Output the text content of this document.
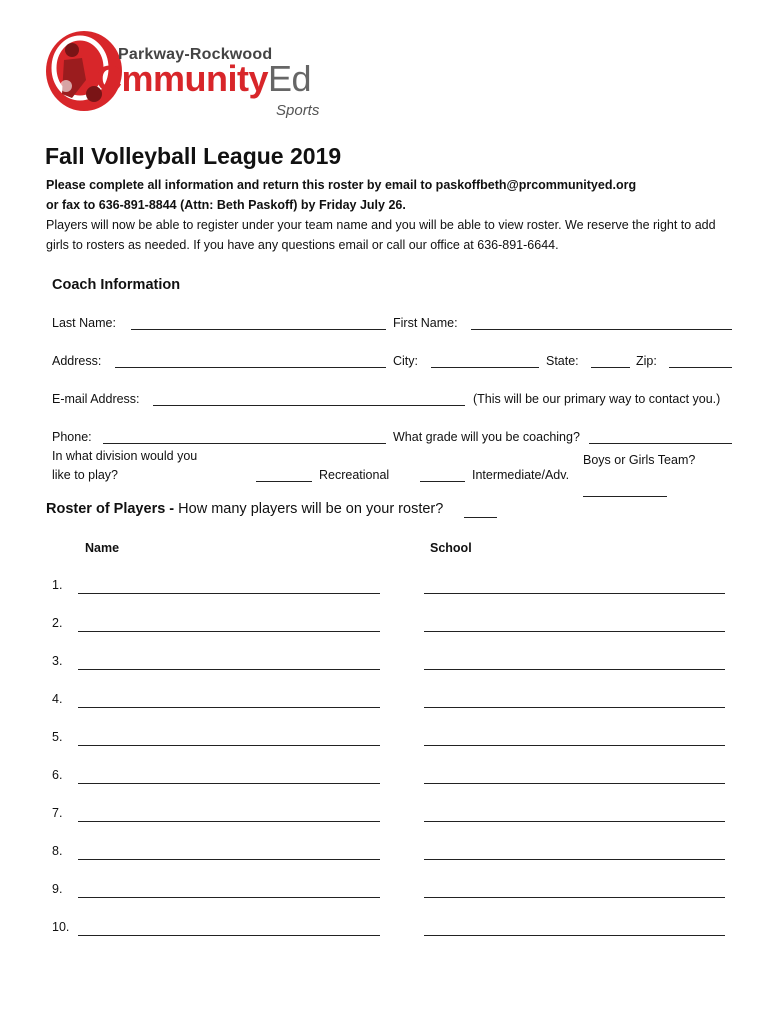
Parkway-Rockwood
CmmunityEd
Sports
Fall Volleyball League 2019
Please complete all information and return this roster by email to paskoffbeth@prcommunityed.org
or fax to 636-891-8844 (Attn: Beth Paskoff) by Friday July 26.
Players will now be able to register under your team name and you will be able to view roster. We reserve the right to add
girls to rosters as needed. If you have any questions email or call our office at 636-891-6644.
Coach Information
Last Name:	First Name:
Address:	City:	State:	Zip:
E-mail Address:	(This will be our primary way to contact you.)
Phone:	What grade will you be coaching?
In what division would you
like to play?	Recreational	Intermediate/Adv.
Boys or Girls Team?
Roster of Players - How many players will be on your roster?
Name	School
1.
2.
3.
4.
5.
6.
7.
8.
9.
10.
